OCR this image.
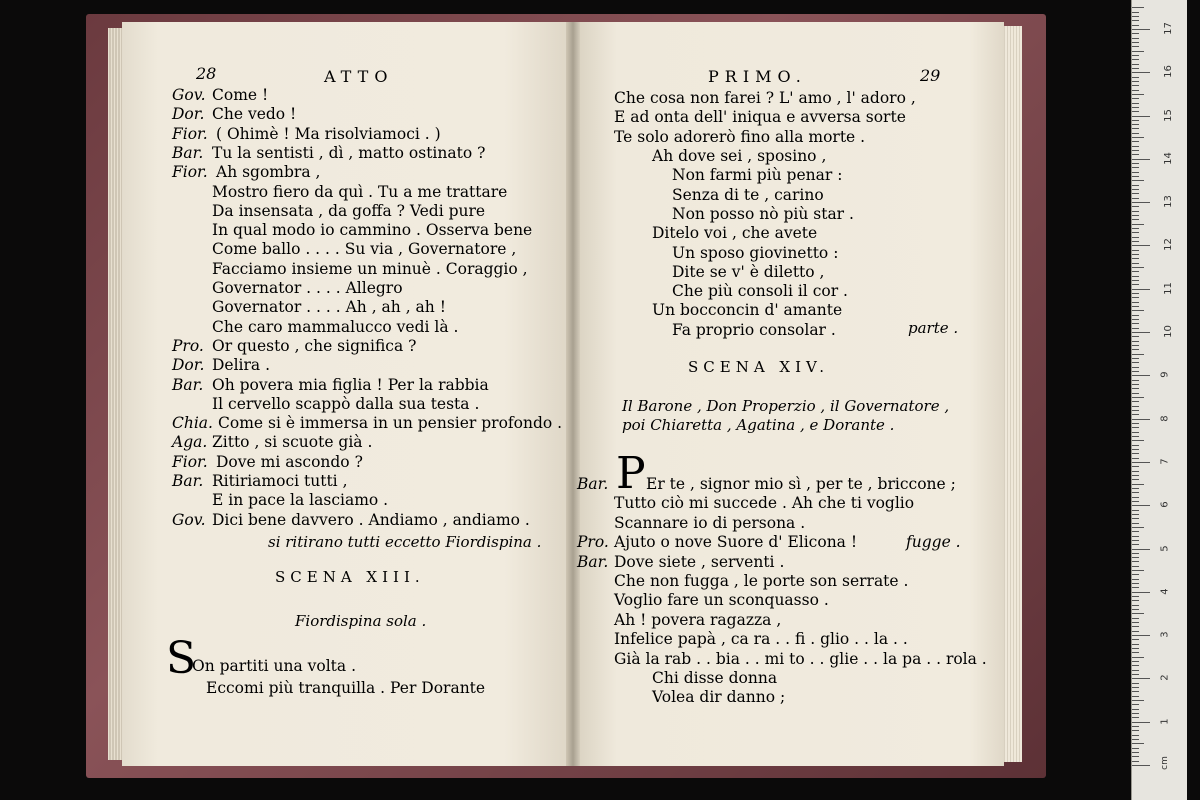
28	ATTO
Gov. Come !
Dor. Che vedo !
Fior. ( Ohimè ! Ma risolviamoci . )
Bar. Tu la sentisti , dì , matto ostinato ?
Fior. Ah sgombra ,
Mostro fiero da quì . Tu a me trattare
Da insensata , da goffa ? Vedi pure
In qual modo io cammino . Osserva bene
Come ballo . . . . Su via , Governatore ,
Facciamo insieme un minuè . Coraggio ,
Governator . . . . Allegro
Governator . . . . Ah , ah , ah !
Che caro mammalucco vedi là .
Pro. Or questo , che significa ?
Dor. Delira .
Bar. Oh povera mia figlia ! Per la rabbia
Il cervello scappò dalla sua testa .
Chia. Come si è immersa in un pensier profondo .
Aga. Zitto , si scuote già .
Fior. Dove mi ascondo ?
Bar. Ritiriamoci tutti ,
E in pace la lasciamo .
Gov. Dici bene davvero . Andiamo , andiamo .
si ritirano tutti eccetto Fiordispina .
SCENA XIII.
Fiordispina sola .
S
On partiti una volta .
Eccomi più tranquilla . Per Dorante
PRIMO.	29
Che cosa non farei ? L' amo , l' adoro ,
E ad onta dell' iniqua e avversa sorte
Te solo adorerò fino alla morte .
Ah dove sei , sposino ,
Non farmi più penar :
Senza di te , carino
Non posso nò più star .
Ditelo voi , che avete
Un sposo giovinetto :
Dite se v' è diletto ,
Che più consoli il cor .
Un bocconcin d' amante
Fa proprio consolar .	parte .
SCENA XIV.
Il Barone , Don Properzio , il Governatore ,
poi Chiaretta , Agatina , e Dorante .
Bar. P Er te , signor mio sì , per te , briccone ;
Tutto ciò mi succede . Ah che ti voglio
Scannare io di persona .
Pro. Ajuto o nove Suore d' Elicona !	fugge .
Bar. Dove siete , serventi .
Che non fugga , le porte son serrate .
Voglio fare un sconquasso .
Ah ! povera ragazza ,
Infelice papà , ca ra . . fi . glio . . la . .
Già la rab . . bia . . mi to . . glie . . la pa . . rola .
Chi disse donna
Volea dir danno ;
1
2
3
4
5
6
7
8
9
10
11
12
13
14
15
16
17
cm
